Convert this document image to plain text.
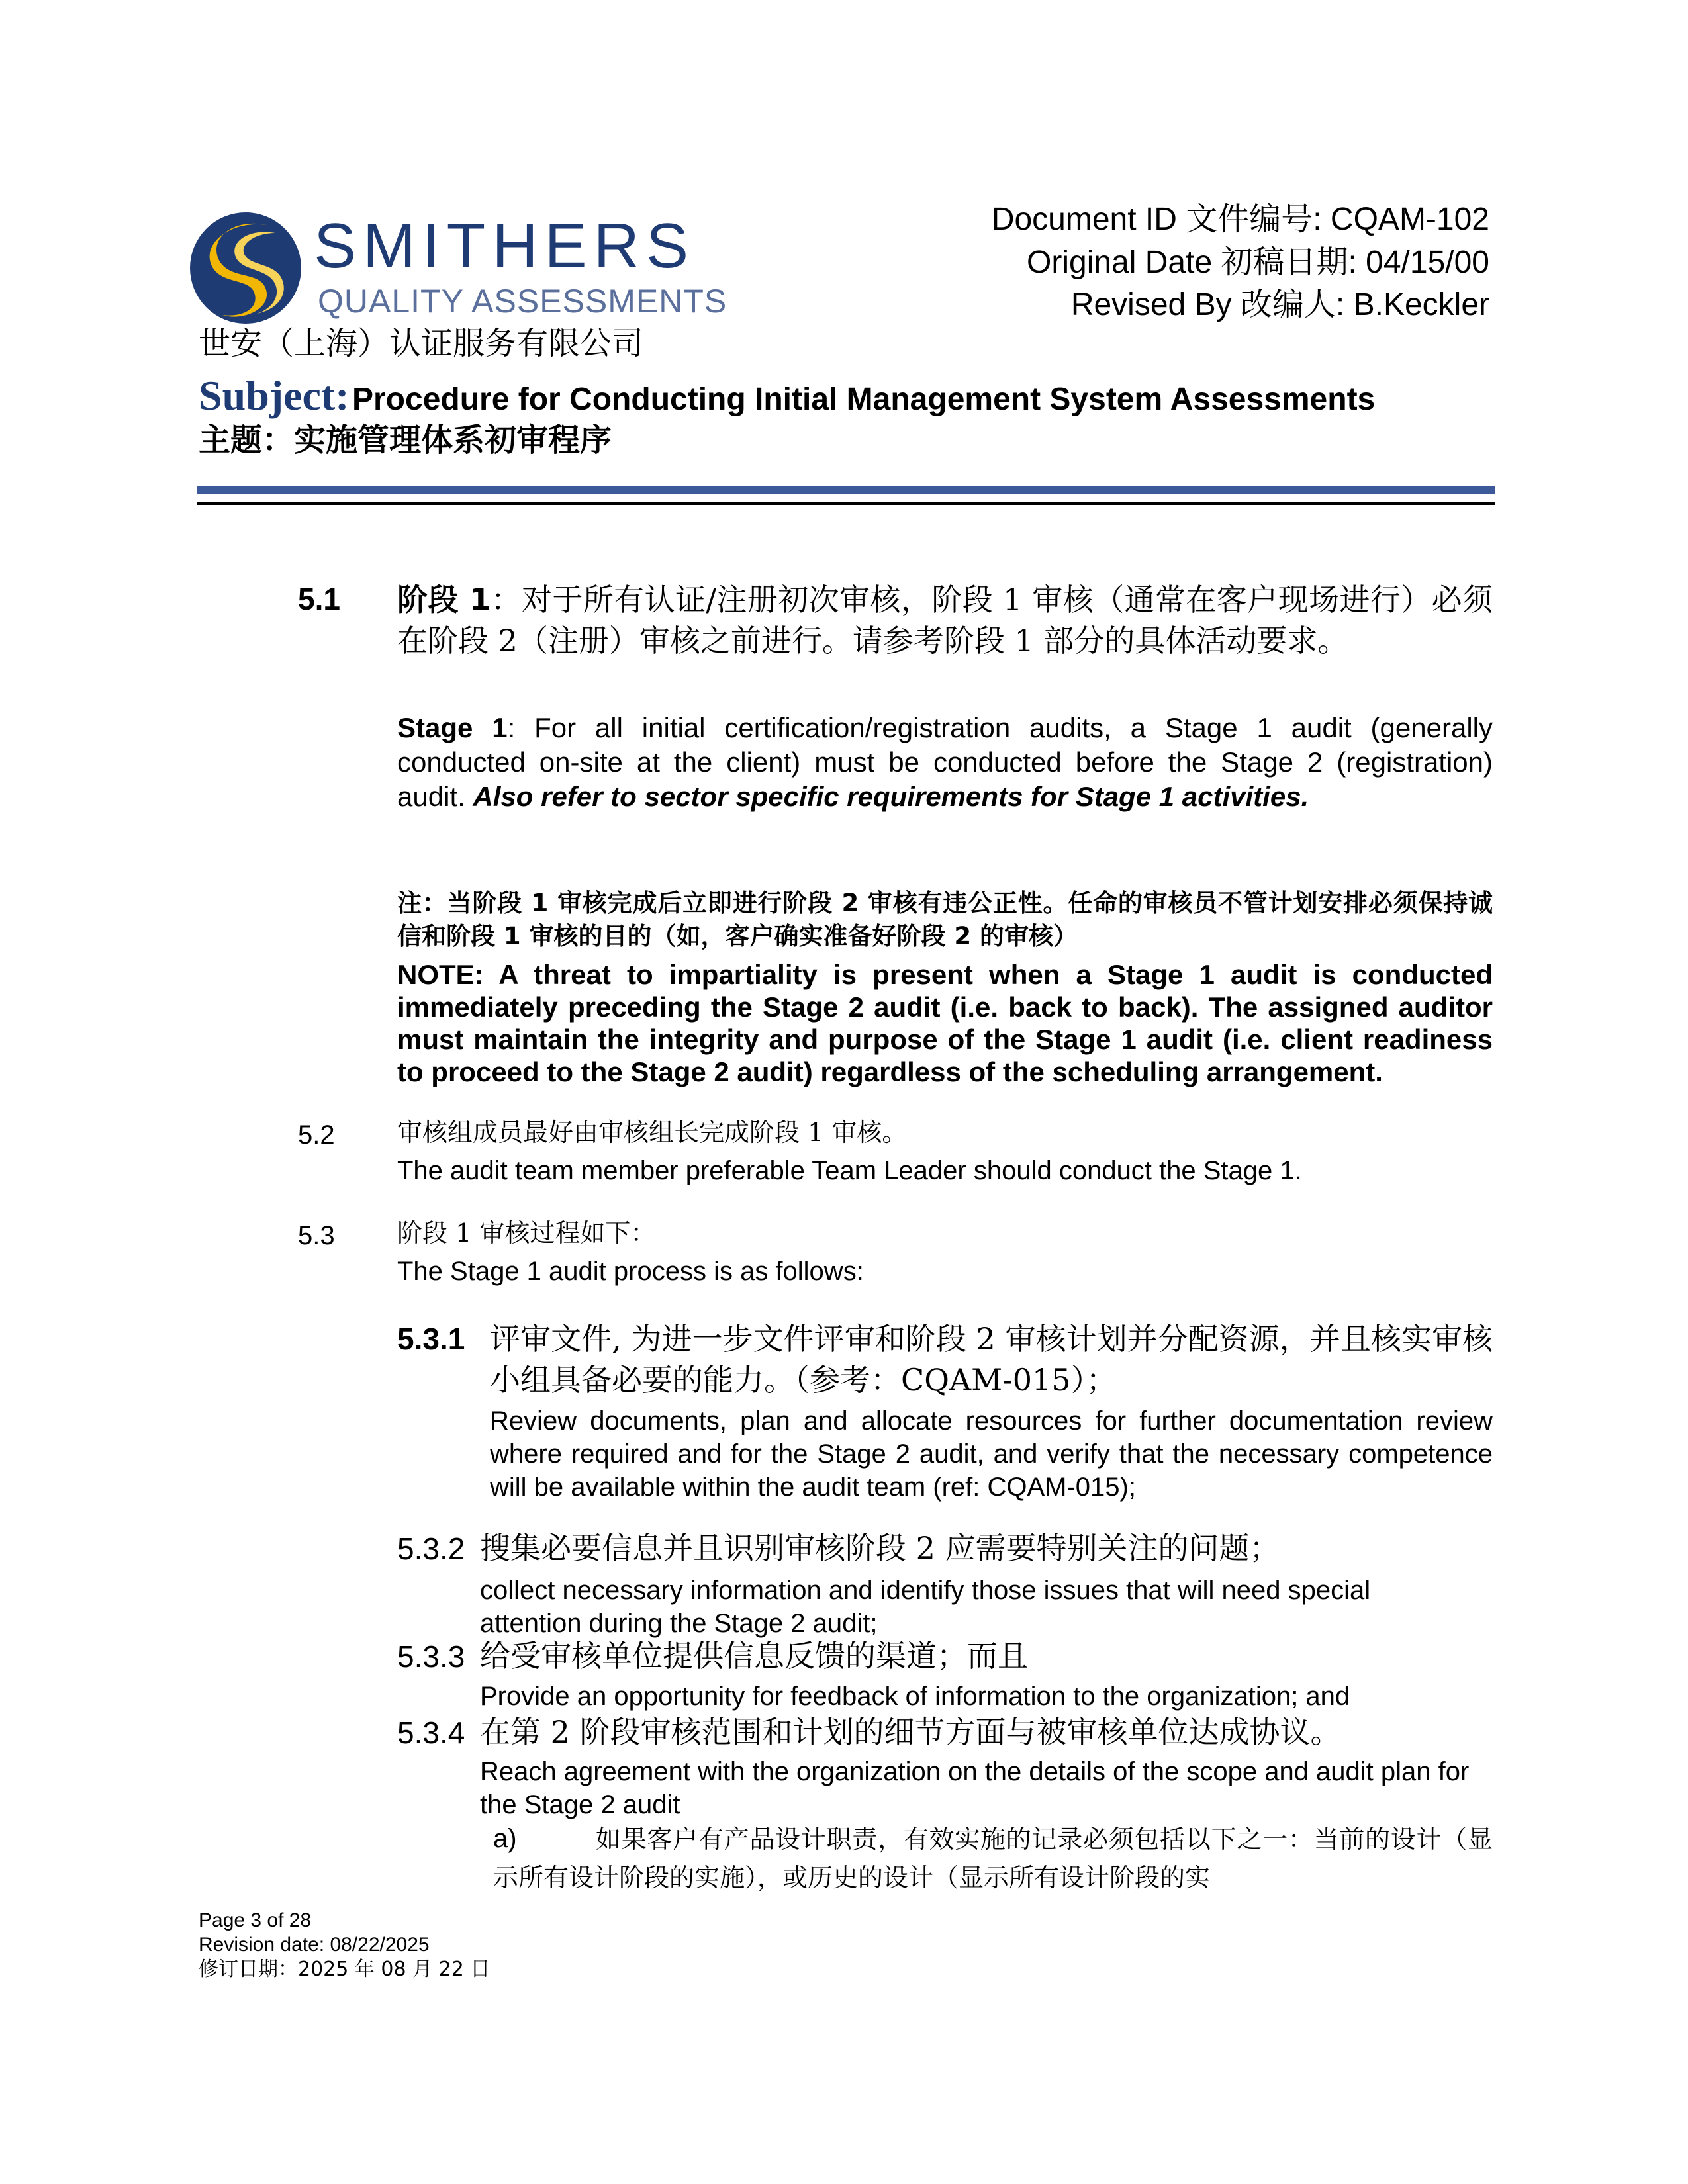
SMITHERS
QUALITY ASSESSMENTS
世安（上海）认证服务有限公司
Document ID 文件编号: CQAM-102
Original Date 初稿日期: 04/15/00
Revised By 改编人: B.Keckler
Subject: Procedure for Conducting Initial Management System Assessments
主题：实施管理体系初审程序
5.1 阶段 1：对于所有认证/注册初次审核，阶段 1 审核（通常在客户现场进行）必须在阶段 2（注册）审核之前进行。请参考阶段 1 部分的具体活动要求。
Stage 1: For all initial certification/registration audits, a Stage 1 audit (generally conducted on-site at the client) must be conducted before the Stage 2 (registration) audit. Also refer to sector specific requirements for Stage 1 activities.
注：当阶段 1 审核完成后立即进行阶段 2 审核有违公正性。任命的审核员不管计划安排必须保持诚信和阶段 1 审核的目的（如，客户确实准备好阶段 2 的审核）
NOTE: A threat to impartiality is present when a Stage 1 audit is conducted immediately preceding the Stage 2 audit (i.e. back to back). The assigned auditor must maintain the integrity and purpose of the Stage 1 audit (i.e. client readiness to proceed to the Stage 2 audit) regardless of the scheduling arrangement.
5.2 审核组成员最好由审核组长完成阶段 1 审核。
The audit team member preferable Team Leader should conduct the Stage 1.
5.3 阶段 1 审核过程如下：
The Stage 1 audit process is as follows:
5.3.1 评审文件, 为进一步文件评审和阶段 2 审核计划并分配资源，并且核实审核小组具备必要的能力。（参考：CQAM-015）；
Review documents, plan and allocate resources for further documentation review where required and for the Stage 2 audit, and verify that the necessary competence will be available within the audit team (ref: CQAM-015);
5.3.2 搜集必要信息并且识别审核阶段 2 应需要特别关注的问题；
collect necessary information and identify those issues that will need special attention during the Stage 2 audit;
5.3.3 给受审核单位提供信息反馈的渠道；而且
Provide an opportunity for feedback of information to the organization; and
5.3.4 在第 2 阶段审核范围和计划的细节方面与被审核单位达成协议。
Reach agreement with the organization on the details of the scope and audit plan for the Stage 2 audit
a)	如果客户有产品设计职责，有效实施的记录必须包括以下之一：当前的设计（显示所有设计阶段的实施），或历史的设计（显示所有设计阶段的实
Page 3 of 28
Revision date: 08/22/2025
修订日期：2025 年 08 月 22 日
